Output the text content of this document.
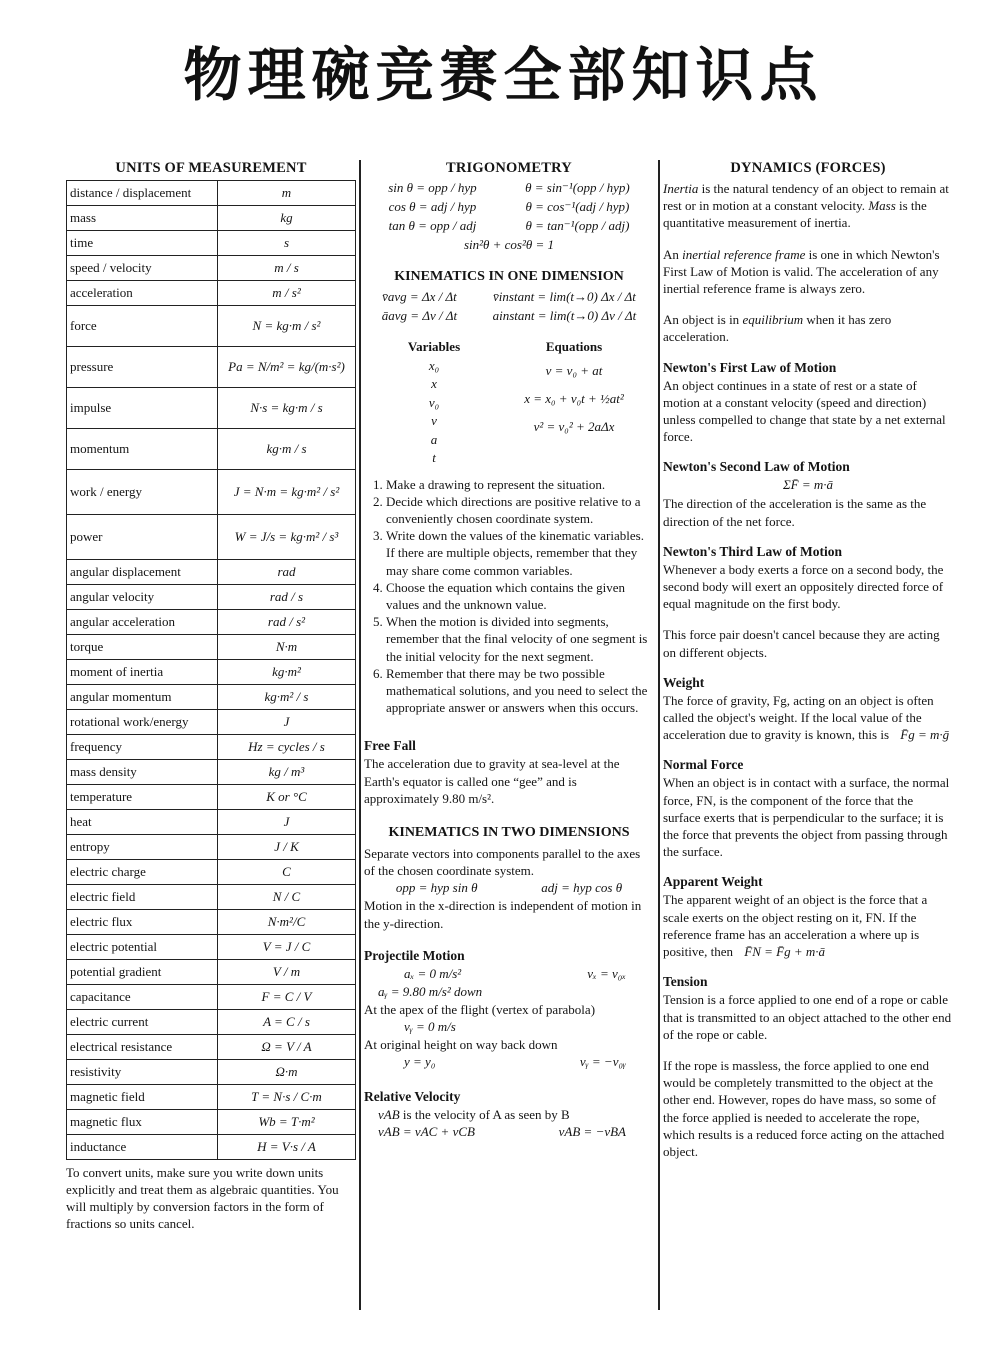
物理碗竞赛全部知识点
UNITS OF MEASUREMENT
distance / displacement	m
mass	kg
time	s
speed / velocity	m / s
acceleration	m / s²
force	N = kg·m / s²
pressure	Pa = N/m² = kg/(m·s²)
impulse	N·s = kg·m / s
momentum	kg·m / s
work / energy	J = N·m = kg·m² / s²
power	W = J/s = kg·m² / s³
angular displacement	rad
angular velocity	rad / s
angular acceleration	rad / s²
torque	N·m
moment of inertia	kg·m²
angular momentum	kg·m² / s
rotational work/energy	J
frequency	Hz = cycles / s
mass density	kg / m³
temperature	K or °C
heat	J
entropy	J / K
electric charge	C
electric field	N / C
electric flux	N·m²/C
electric potential	V = J / C
potential gradient	V / m
capacitance	F = C / V
electric current	A = C / s
electrical resistance	Ω = V / A
resistivity	Ω·m
magnetic field	T = N·s / C·m
magnetic flux	Wb = T·m²
inductance	H = V·s / A
To convert units, make sure you write down units explicitly and treat them as algebraic quantities. You will multiply by conversion factors in the form of fractions so units cancel.
TRIGONOMETRY
sin θ = opp / hyp	θ = sin⁻¹(opp / hyp)
cos θ = adj / hyp	θ = cos⁻¹(adj / hyp)
tan θ = opp / adj	θ = tan⁻¹(opp / adj)
sin²θ + cos²θ = 1
KINEMATICS IN ONE DIMENSION
v̄avg = Δx / Δt	v̄instant = lim(t→0) Δx / Δt
āavg = Δv / Δt	ainstant = lim(t→0) Δv / Δt
Variables
x₀
x
v₀
v
a
t
Equations
v = v₀ + at
x = x₀ + v₀t + ½at²
v² = v₀² + 2aΔx
1. Make a drawing to represent the situation.
2. Decide which directions are positive relative to a conveniently chosen coordinate system.
3. Write down the values of the kinematic variables. If there are multiple objects, remember that they may share come common variables.
4. Choose the equation which contains the given values and the unknown value.
5. When the motion is divided into segments, remember that the final velocity of one segment is the initial velocity for the next segment.
6. Remember that there may be two possible mathematical solutions, and you need to select the appropriate answer or answers when this occurs.
Free Fall

The acceleration due to gravity at sea-level at the Earth's equator is called one “gee” and is approximately 9.80 m/s².

KINEMATICS IN TWO DIMENSIONS

Separate vectors into components parallel to the axes of the chosen coordinate system.

opp = hyp sin θ	adj = hyp cos θ

Motion in the x-direction is independent of motion in the y-direction.

Projectile Motion
aₓ = 0 m/s²	vₓ = v₀ₓ
aᵧ = 9.80 m/s² down

At the apex of the flight (vertex of parabola)

vᵧ = 0 m/s

At original height on way back down

y = y₀	vᵧ = −v₀ᵧ
Relative Velocity

vAB is the velocity of A as seen by B

vAB = vAC + vCB	vAB = −vBA
DYNAMICS (FORCES)

Inertia is the natural tendency of an object to remain at rest or in motion at a constant velocity. Mass is the quantitative measurement of inertia.

An inertial reference frame is one in which Newton's First Law of Motion is valid. The acceleration of any inertial reference frame is always zero.

An object is in equilibrium when it has zero acceleration.

Newton's First Law of Motion

An object continues in a state of rest or a state of motion at a constant velocity (speed and direction) unless compelled to change that state by a net external force.

Newton's Second Law of Motion
ΣF̄ = m·ā

The direction of the acceleration is the same as the direction of the net force.

Newton's Third Law of Motion

Whenever a body exerts a force on a second body, the second body will exert an oppositely directed force of equal magnitude on the first body.

This force pair doesn't cancel because they are acting on different objects.

Weight

The force of gravity, Fg, acting on an object is often called the object's weight. If the local value of the acceleration due to gravity is known, this is F̄g = m·ḡ

Normal Force

When an object is in contact with a surface, the normal force, FN, is the component of the force that the surface exerts that is perpendicular to the surface; it is the force that prevents the object from passing through the surface.

Apparent Weight

The apparent weight of an object is the force that a scale exerts on the object resting on it, FN. If the reference frame has an acceleration a where up is positive, then F̄N = F̄g + m·ā

Tension

Tension is a force applied to one end of a rope or cable that is transmitted to an object attached to the other end of the rope or cable.

If the rope is massless, the force applied to one end would be completely transmitted to the object at the other end. However, ropes do have mass, so some of the force applied is needed to accelerate the rope, which results is a reduced force acting on the attached object.
